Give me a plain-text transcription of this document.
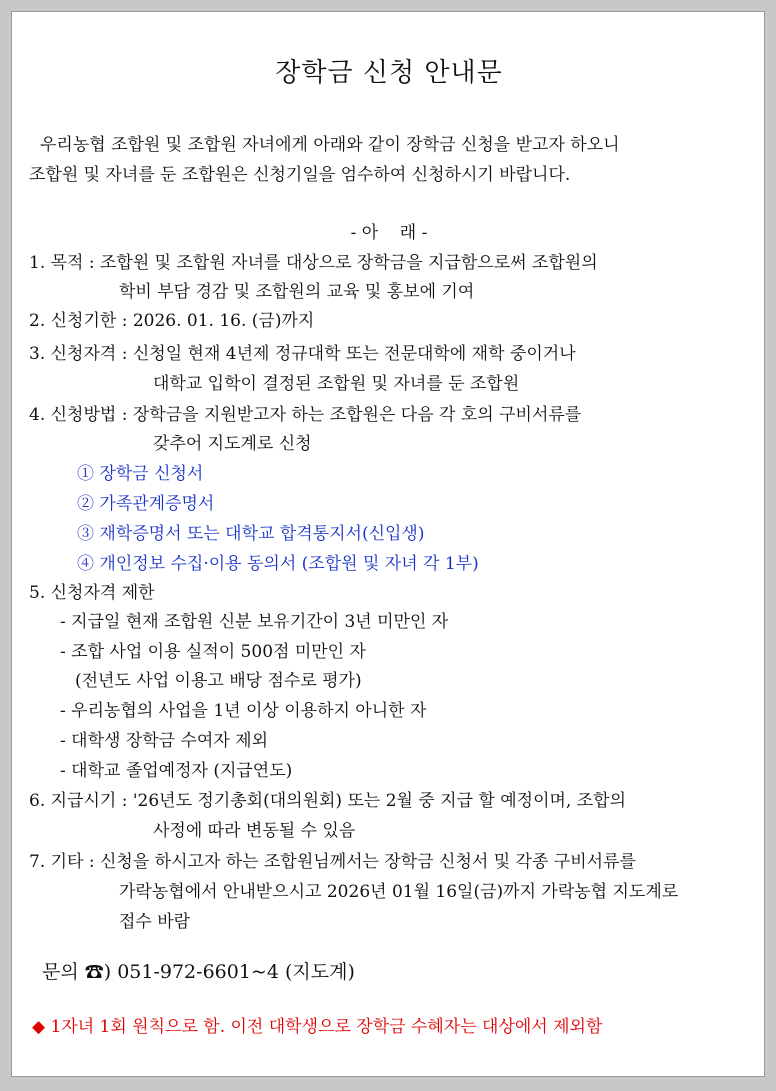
장학금 신청 안내문
우리농협 조합원 및 조합원 자녀에게 아래와 같이 장학금 신청을 받고자 하오니
조합원 및 자녀를 둔 조합원은 신청기일을 엄수하여 신청하시기 바랍니다.
- 아    래 -
1. 목적 : 조합원 및 조합원 자녀를 대상으로 장학금을 지급함으로써 조합원의
학비 부담 경감 및 조합원의 교육 및 홍보에 기여
2. 신청기한 : 2026. 01. 16. (금)까지
3. 신청자격 : 신청일 현재 4년제 정규대학 또는 전문대학에 재학 중이거나
대학교 입학이 결정된 조합원 및 자녀를 둔 조합원
4. 신청방법 : 장학금을 지원받고자 하는 조합원은 다음 각 호의 구비서류를
갖추어 지도계로 신청
① 장학금 신청서
② 가족관계증명서
③ 재학증명서 또는 대학교 합격통지서(신입생)
④ 개인정보 수집·이용 동의서 (조합원 및 자녀 각 1부)
5. 신청자격 제한
- 지급일 현재 조합원 신분 보유기간이 3년 미만인 자
- 조합 사업 이용 실적이 500점 미만인 자
(전년도 사업 이용고 배당 점수로 평가)
- 우리농협의 사업을 1년 이상 이용하지 아니한 자
- 대학생 장학금 수여자 제외
- 대학교 졸업예정자 (지급연도)
6. 지급시기 : '26년도 정기총회(대의원회) 또는 2월 중 지급 할 예정이며, 조합의
사정에 따라 변동될 수 있음
7. 기타 : 신청을 하시고자 하는 조합원님께서는 장학금 신청서 및 각종 구비서류를
가락농협에서 안내받으시고 2026년 01월 16일(금)까지 가락농협 지도계로
접수 바람
문의 ☎) 051-972-6601~4 (지도계)
◆ 1자녀 1회 원칙으로 함. 이전 대학생으로 장학금 수혜자는 대상에서 제외함
